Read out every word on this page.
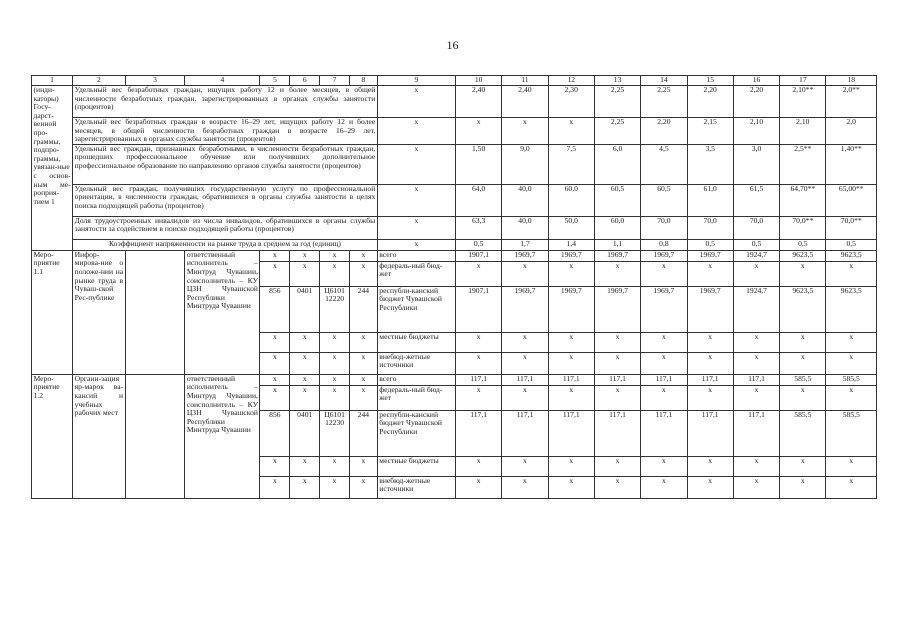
16
1	2	3	4	5	6	7	8	9	10	11	12	13	14	15	16	17	18
(инди-каторы) Госу-дарст-венной про-граммы, подпро-граммы, увязан-ные с основ-ным ме-роприя-тием 1	Удельный вес безработных граждан, ищущих работу 12 и более месяцев, в общей численности безработных граждан, зарегистрированных в органах службы занятости (процентов)							х	2,40	2,40	2,30	2,25	2,25	2,20	2,20	2,10**	2,0**
	Удельный вес безработных граждан в возрасте 16–29 лет, ищущих работу 12 и более месяцев, в общей численности безработных граждан в возрасте 16–29 лет, зарегистрированных в органах службы занятости (процентов)							х	х	х	х	2,25	2,20	2,15	2,10	2,10	2,0
	Удельный вес граждан, признанных безработными, в численности безработных граждан, прошедших профессиональное обучение или получивших дополнительное профессиональное образование по направлению органов службы занятости (процентов)							х	1,50	9,0	7,5	6,0	4,5	3,5	3,0	2,5**	1,40**
	Удельный вес граждан, получивших государственную услугу по профессиональной ориентации, в численности граждан, обратившихся в органы службы занятости в целях поиска подходящей работы (процентов)							х	64,0	40,0	60,0	60,5	60,5	61,0	61,5	64,70**	65,00**
	Доля трудоустроенных инвалидов из числа инвалидов, обратившихся в органы службы занятости за содействием в поиске подходящей работы (процентов)							х	63,3	40,0	50,0	60,0	70,0	70,0	70,0	70,0**	70,0**
	Коэффициент напряженности на рынке труда в среднем за год (единиц)							х	0,5	1,7	1,4	1,1	0,8	0,5	0,5	0,5	0,5
Меро-приятие 1.1	Инфор-мирова-ние о положе-нии на рынке труда в Чуваш-ской Рес-публике		ответственный исполнитель – Минтруд Чувашии, соисполнитель – КУ ЦЗН Чувашской Республики Минтруда Чувашии	х	х	х	х	всего	1907,1	1969,7	1969,7	1969,7	1969,7	1969,7	1924,7	9623,5	9623,5
				х	х	х	х	федераль-ный бюд-жет	х	х	х	х	х	х	х	х	х
				856	0401	Ц6101 12220	244	республи-канский бюджет Чувашской Республики	1907,1	1969,7	1969,7	1969,7	1969,7	1969,7	1924,7	9623,5	9623,5
				х	х	х	х	местные бюджеты	х	х	х	х	х	х	х	х	х
				х	х	х	х	внебюд-жетные источники	х	х	х	х	х	х	х	х	х
Меро-приятие 1.2	Органи-зация яр-марок ва-кансий и учебных рабочих мест		ответственный исполнитель – Минтруд Чувашии, соисполнитель – КУ ЦЗН Чувашской Республики Минтруда Чувашии	х	х	х	х	всего	117,1	117,1	117,1	117,1	117,1	117,1	117,1	585,5	585,5
				х	х	х	х	федераль-ный бюд-жет	х	х	х	х	х	х	х	х	х
				856	0401	Ц6101 12230	244	республи-канский бюджет Чувашской Республики	117,1	117,1	117,1	117,1	117,1	117,1	117,1	585,5	585,5
				х	х	х	х	местные бюджеты	х	х	х	х	х	х	х	х	х
				х	х	х	х	внебюд-жетные источники	х	х	х	х	х	х	х	х	х
